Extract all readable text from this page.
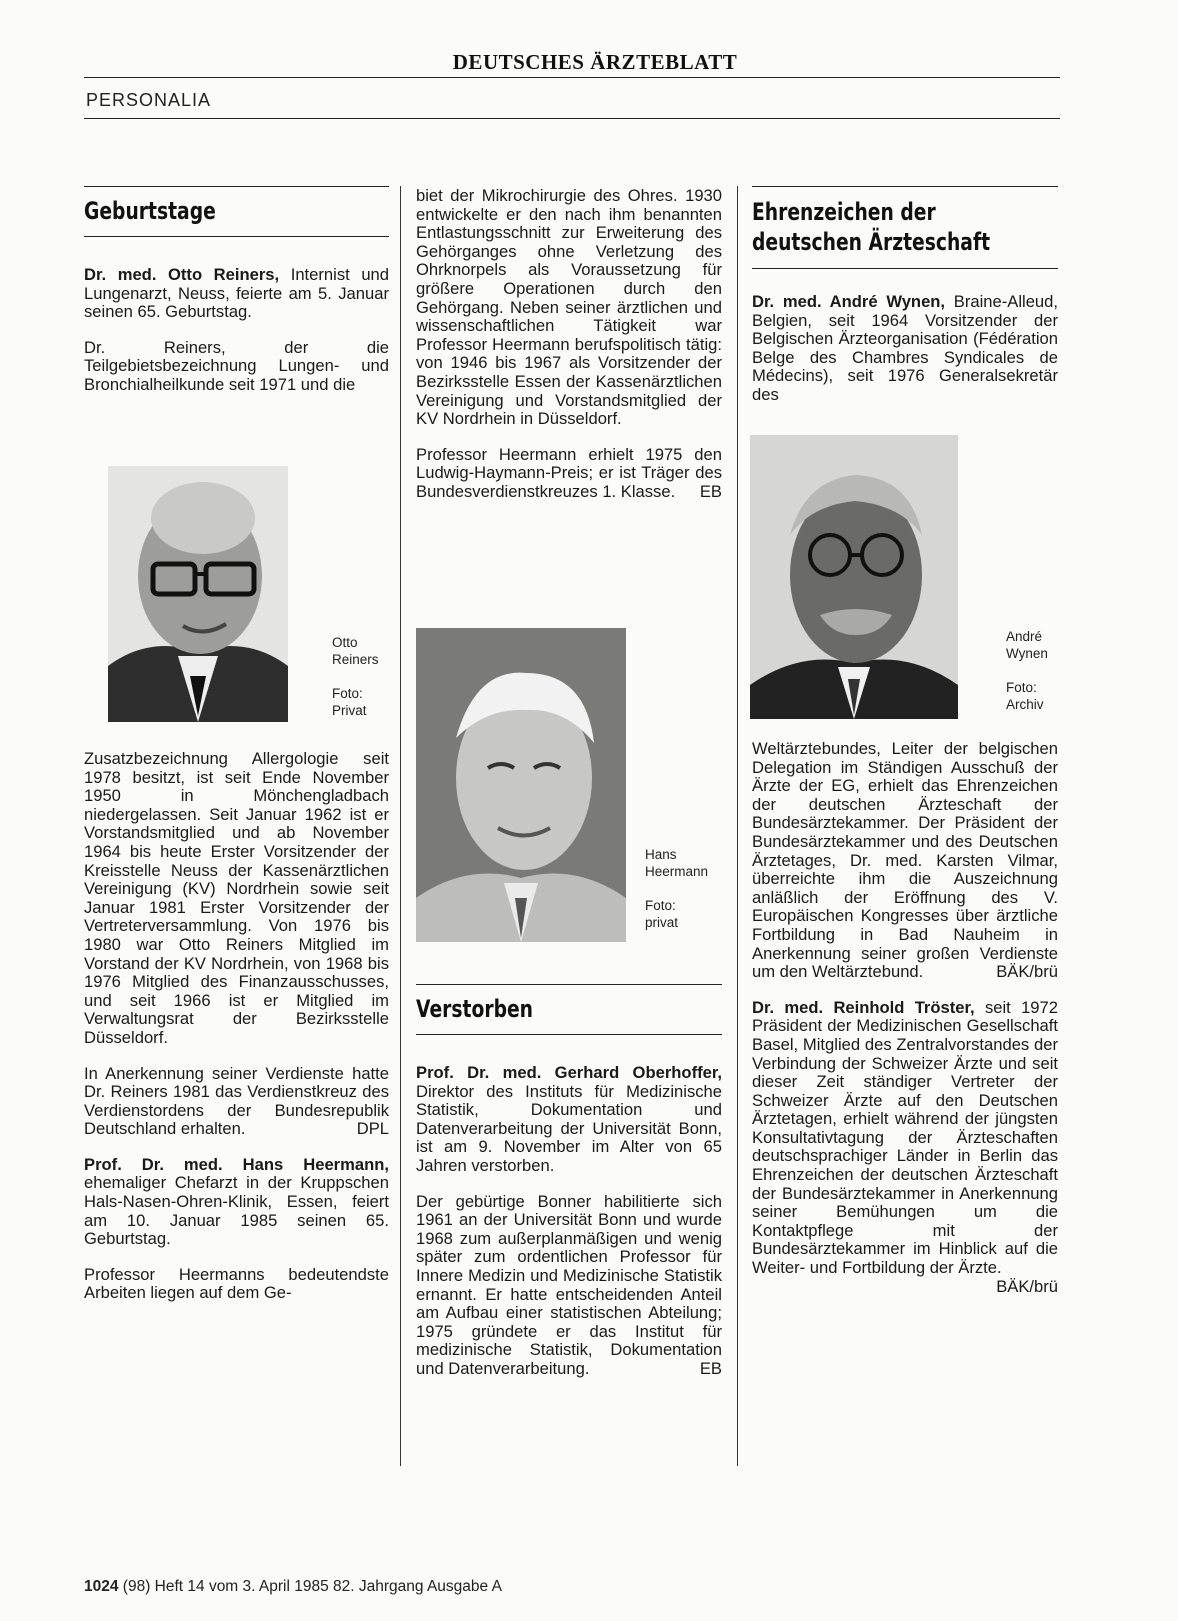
DEUTSCHES ÄRZTEBLATT
PERSONALIA
Geburtstage

Dr. med. Otto Reiners, Internist und Lungenarzt, Neuss, feierte am 5. Januar seinen 65. Geburtstag.

Dr. Reiners, der die Teilgebietsbezeichnung Lungen- und Bronchialheilkunde seit 1971 und die

Otto
Reiners
Foto:
Privat

Zusatzbezeichnung Allergologie seit 1978 besitzt, ist seit Ende November 1950 in Mönchengladbach niedergelassen. Seit Januar 1962 ist er Vorstandsmitglied und ab November 1964 bis heute Erster Vorsitzender der Kreisstelle Neuss der Kassenärztlichen Vereinigung (KV) Nordrhein sowie seit Januar 1981 Erster Vorsitzender der Vertreterversammlung. Von 1976 bis 1980 war Otto Reiners Mitglied im Vorstand der KV Nordrhein, von 1968 bis 1976 Mitglied des Finanzausschusses, und seit 1966 ist er Mitglied im Verwaltungsrat der Bezirksstelle Düsseldorf.

In Anerkennung seiner Verdienste hatte Dr. Reiners 1981 das Verdienstkreuz des Verdienstordens der Bundesrepublik Deutschland erhalten.	DPL

Prof. Dr. med. Hans Heermann, ehemaliger Chefarzt in der Kruppschen Hals-Nasen-Ohren-Klinik, Essen, feiert am 10. Januar 1985 seinen 65. Geburtstag.

Professor Heermanns bedeutendste Arbeiten liegen auf dem Ge-

biet der Mikrochirurgie des Ohres. 1930 entwickelte er den nach ihm benannten Entlastungsschnitt zur Erweiterung des Gehörganges ohne Verletzung des Ohrknorpels als Voraussetzung für größere Operationen durch den Gehörgang. Neben seiner ärztlichen und wissenschaftlichen Tätigkeit war Professor Heermann berufspolitisch tätig: von 1946 bis 1967 als Vorsitzender der Bezirksstelle Essen der Kassenärztlichen Vereinigung und Vorstandsmitglied der KV Nordrhein in Düsseldorf.

Professor Heermann erhielt 1975 den Ludwig-Haymann-Preis; er ist Träger des Bundesverdienstkreuzes 1. Klasse. EB

Hans
Heermann
Foto:
privat
Verstorben

Prof. Dr. med. Gerhard Oberhoffer, Direktor des Instituts für Medizinische Statistik, Dokumentation und Datenverarbeitung der Universität Bonn, ist am 9. November im Alter von 65 Jahren verstorben.

Der gebürtige Bonner habilitierte sich 1961 an der Universität Bonn und wurde 1968 zum außerplanmäßigen und wenig später zum ordentlichen Professor für Innere Medizin und Medizinische Statistik ernannt. Er hatte entscheidenden Anteil am Aufbau einer statistischen Abteilung; 1975 gründete er das Institut für medizinische Statistik, Dokumentation und Datenverarbeitung.	EB

Ehrenzeichen der
deutschen Ärzteschaft

Dr. med. André Wynen, Braine-Alleud, Belgien, seit 1964 Vorsitzender der Belgischen Ärzteorganisation (Fédération Belge des Chambres Syndicales de Médecins), seit 1976 Generalsekretär des

André
Wynen
Foto:
Archiv

Weltärztebundes, Leiter der belgischen Delegation im Ständigen Ausschuß der Ärzte der EG, erhielt das Ehrenzeichen der deutschen Ärzteschaft der Bundesärztekammer. Der Präsident der Bundesärztekammer und des Deutschen Ärztetages, Dr. med. Karsten Vilmar, überreichte ihm die Auszeichnung anläßlich der Eröffnung des V. Europäischen Kongresses über ärztliche Fortbildung in Bad Nauheim in Anerkennung seiner großen Verdienste um den Weltärztebund.	BÄK/brü

Dr. med. Reinhold Tröster, seit 1972 Präsident der Medizinischen Gesellschaft Basel, Mitglied des Zentralvorstandes der Verbindung der Schweizer Ärzte und seit dieser Zeit ständiger Vertreter der Schweizer Ärzte auf den Deutschen Ärztetagen, erhielt während der jüngsten Konsultativtagung der Ärzteschaften deutschsprachiger Länder in Berlin das Ehrenzeichen der deutschen Ärzteschaft der Bundesärztekammer in Anerkennung seiner Bemühungen um die Kontaktpflege mit der Bundesärztekammer im Hinblick auf die Weiter- und Fortbildung der Ärzte.
BÄK/brü

1024 (98) Heft 14 vom 3. April 1985 82. Jahrgang Ausgabe A
